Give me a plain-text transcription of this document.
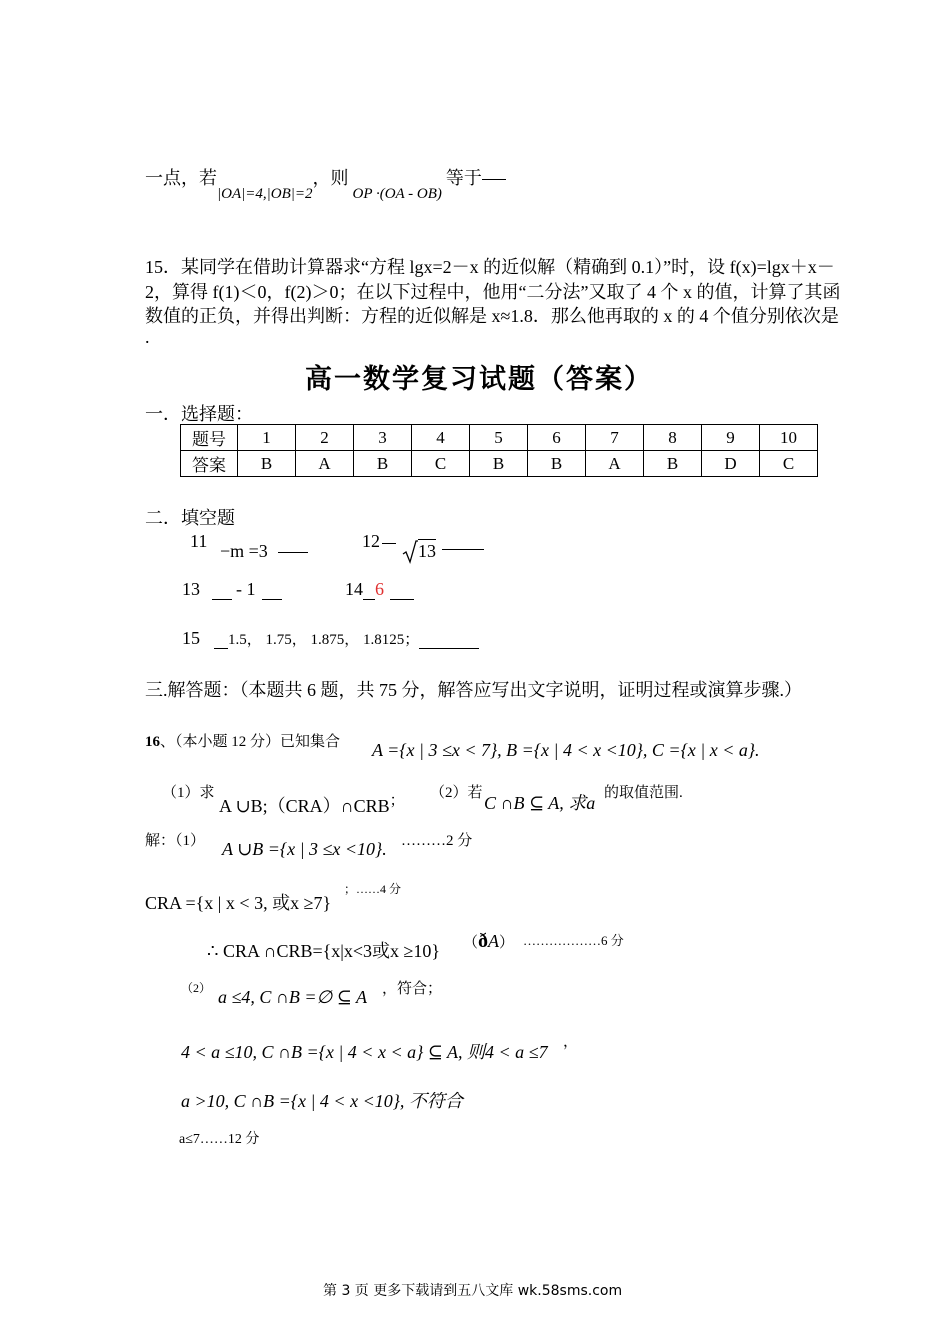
一点，若$_{|OA|=4,|OB|=2}$，则$_{OP \cdot(OA - OB)}$等于
15．某同学在借助计算器求“方程 lgx=2－x 的近似解（精确到 0.1）”时，设 f(x)=lgx＋x－
2，算得 f(1)＜0，f(2)＞0；在以下过程中，他用“二分法”又取了 4 个 x 的值，计算了其函
数值的正负，并得出判断：方程的近似解是 x≈1.8．那么他再取的 x 的 4 个值分别依次是
.
高一数学复习试题（答案）
一．选择题：
题号	1	2	3	4	5	6	7	8	9	10
答案	B	A	B	C	B	B	A	B	D	C
二．填空题
11 −m =3	12	13
13 - 1	14 6
15 1.5， 1.75， 1.875， 1.8125；
三.解答题：（本题共 6 题，共 75 分，解答应写出文字说明，证明过程或演算步骤.）
16、（本小题 12 分）已知集合 A ={x | 3 ≤x < 7}, B ={x | 4 < x <10}, C ={x | x < a}.
（1）求
A ∪B;（CRA）∩CRB； （2）若 C ∩B ⊆ A, 求a 的取值范围.
解：（1） A ∪B ={x | 3 ≤x <10}. ………2 分
CRA ={x | x < 3, 或x ≥7}
；……4 分
∴ CRA ∩CRB={x|x<3或x ≥10} （ðA） ………………6 分
（2） a ≤4, C ∩B =∅ ⊆ A ，符合；
4 < a ≤10, C ∩B ={x | 4 < x < a} ⊆ A, 则4 < a ≤7 ，
a >10, C ∩B ={x | 4 < x <10}, 不符合
a≤7……12 分
第 3 页 更多下载请到五八文库 wk.58sms.com
